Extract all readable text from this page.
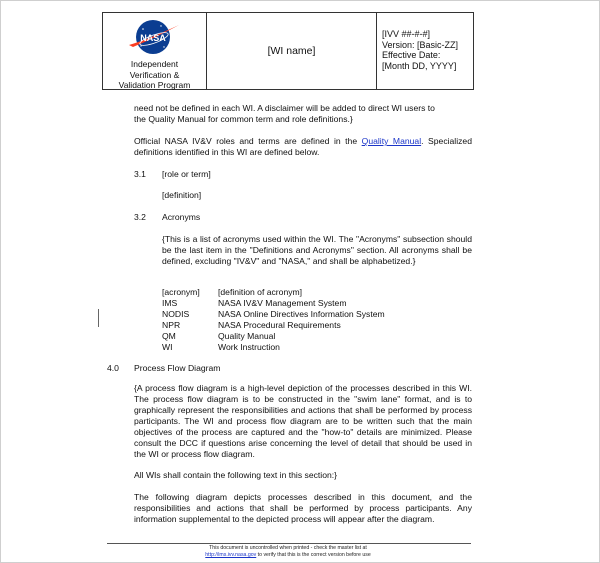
NASA
Independent
Verification &
Validation Program
[WI name]
[IVV ##-#-#]
Version: [Basic-ZZ]
Effective Date:
[Month DD, YYYY]
need not be defined in each WI. A disclaimer will be added to direct WI users to
the Quality Manual for common term and role definitions.}
Official NASA IV&V roles and terms are defined in the Quality Manual. Specialized definitions identified in this WI are defined below.
3.1 [role or term]
[definition]
3.2 Acronyms
{This is a list of acronyms used within the WI. The "Acronyms" subsection should be the last item in the "Definitions and Acronyms" section. All acronyms shall be defined, excluding "IV&V" and "NASA," and shall be alphabetized.}
[acronym]	[definition of acronym]
IMS	NASA IV&V Management System
NODIS	NASA Online Directives Information System
NPR	NASA Procedural Requirements
QM	Quality Manual
WI	Work Instruction
4.0 Process Flow Diagram
{A process flow diagram is a high-level depiction of the processes described in this WI. The process flow diagram is to be constructed in the "swim lane" format, and is to graphically represent the responsibilities and actions that shall be performed by process participants. The WI and process flow diagram are to be written such that the main objectives of the process are captured and the "how-to" details are minimized. Please consult the DCC if questions arise concerning the level of detail that should be used in the WI or process flow diagram.
All WIs shall contain the following text in this section:}
The following diagram depicts processes described in this document, and the responsibilities and actions that shall be performed by process participants. Any information supplemental to the depicted process will appear after the diagram.
This document is uncontrolled when printed - check the master list at
http://ims.ivv.nasa.gov to verify that this is the correct version before use
